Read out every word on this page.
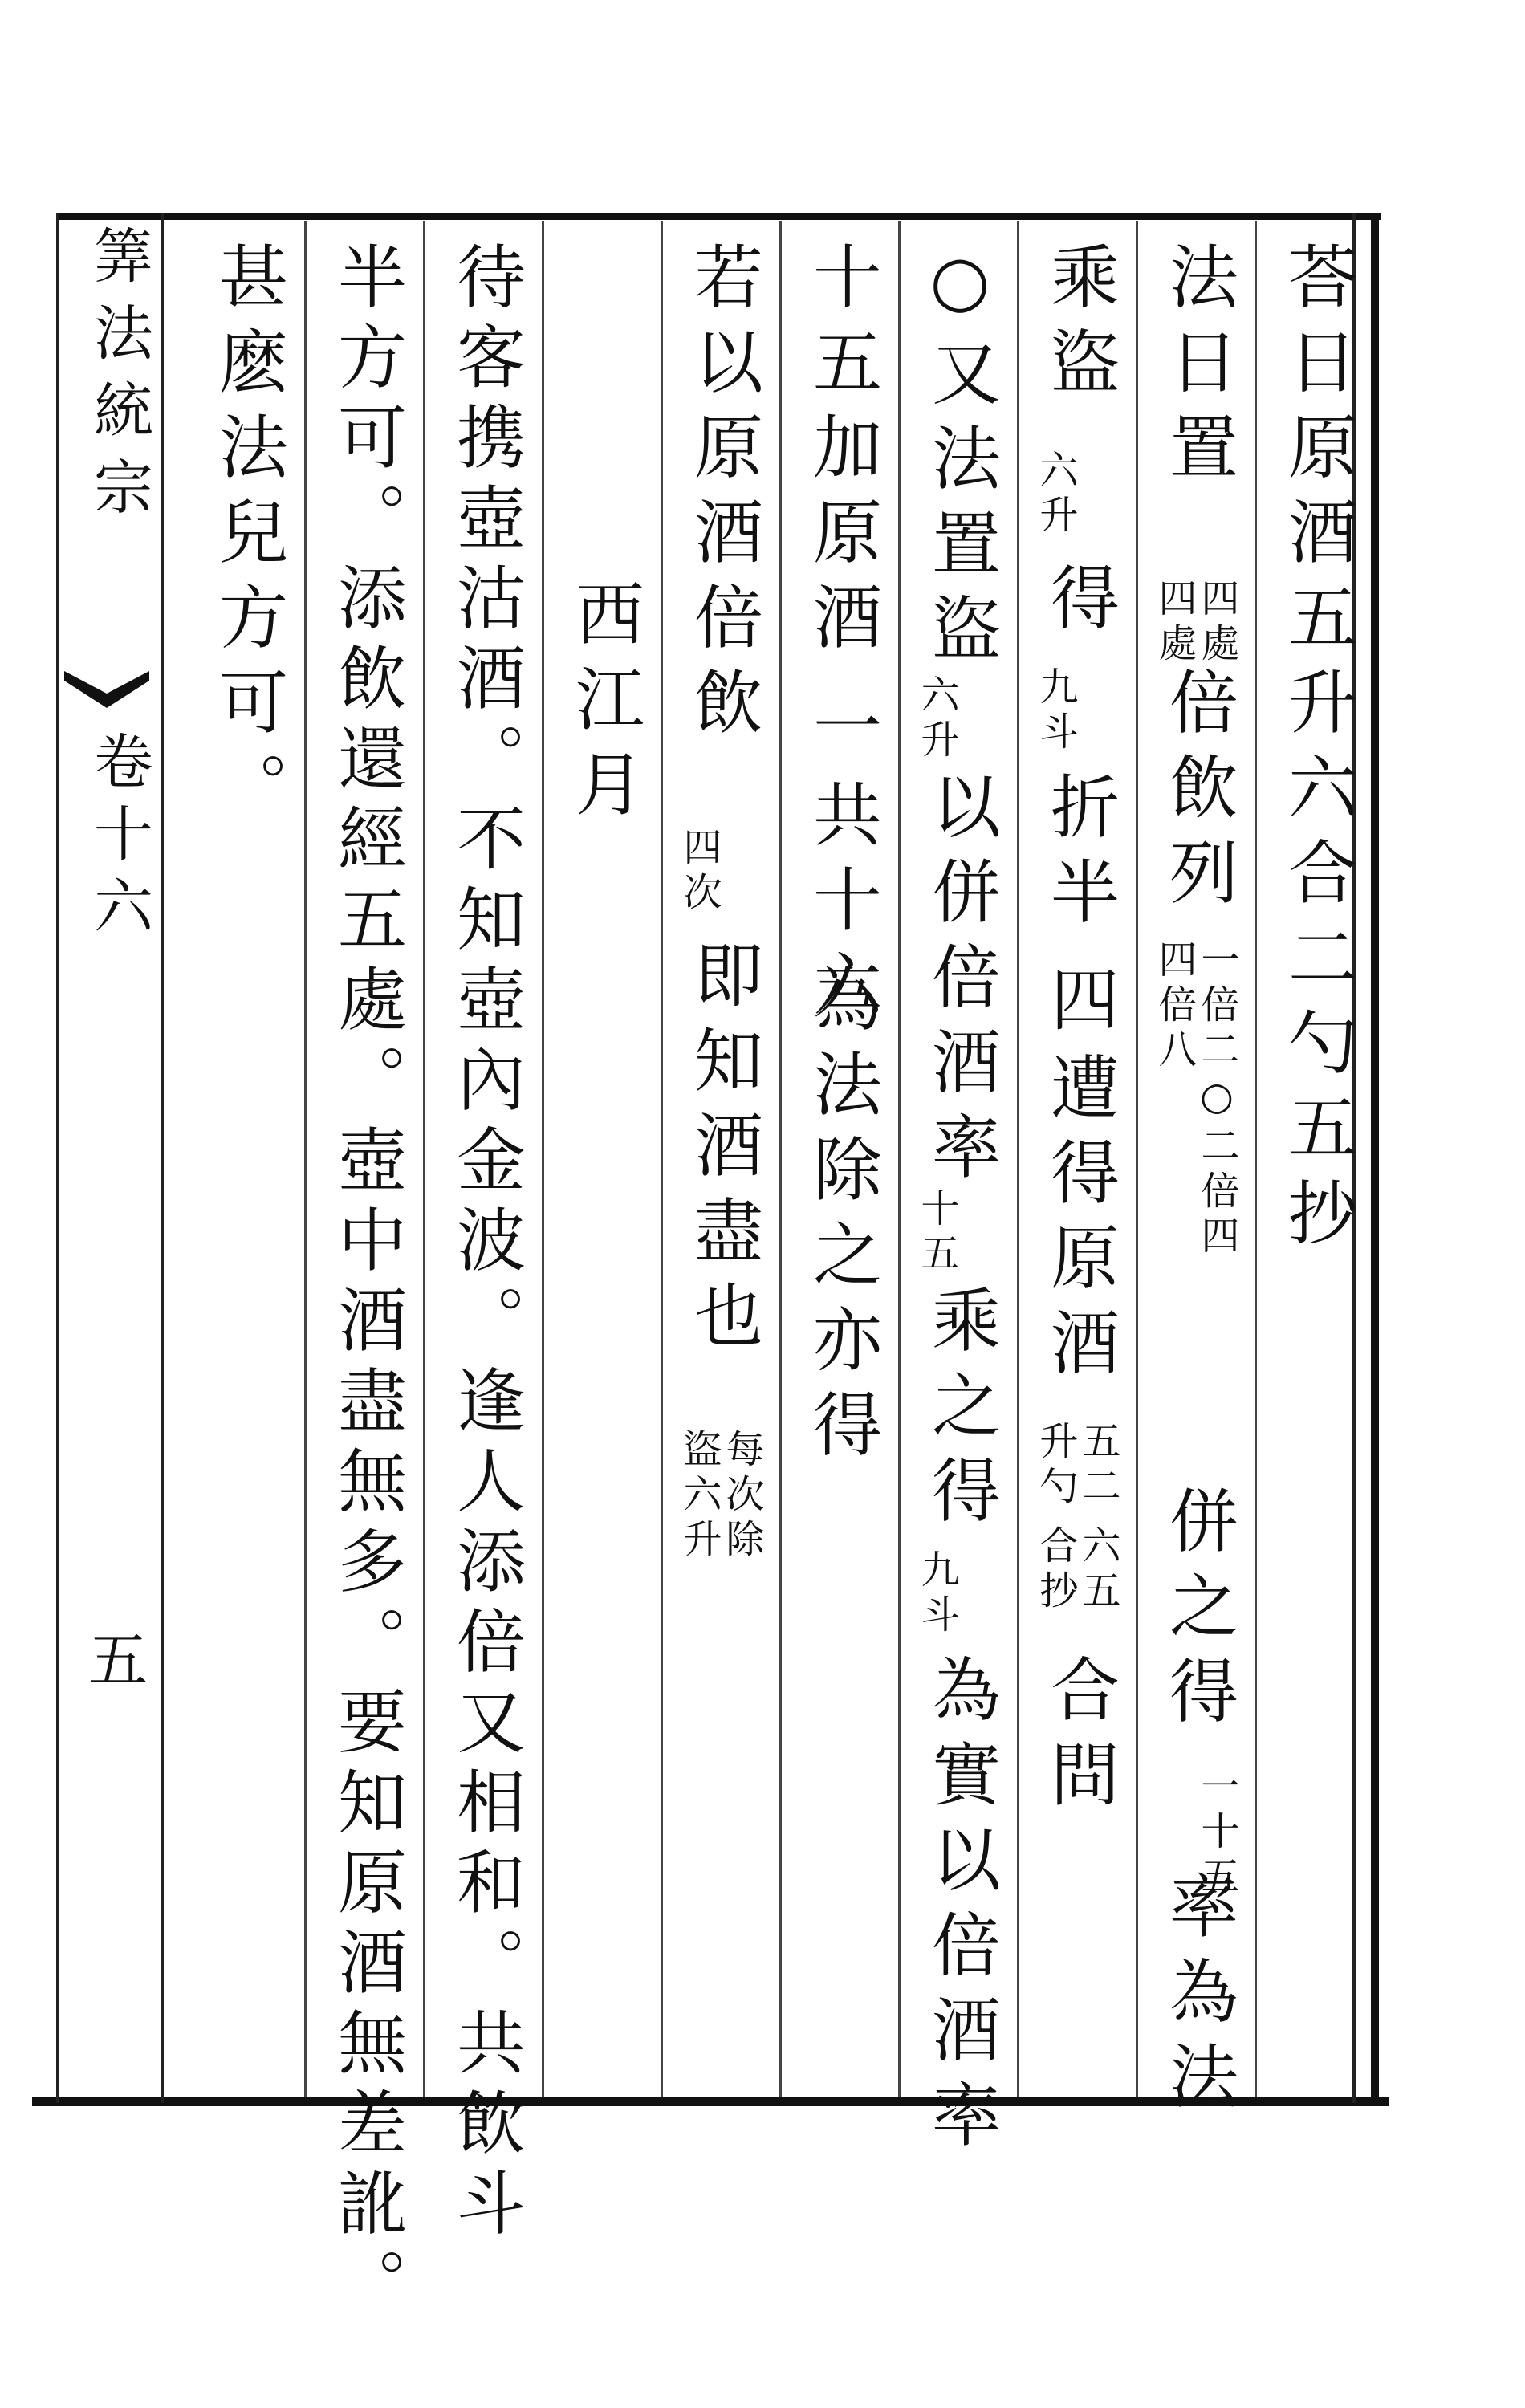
筭法統宗
卷十六
五
荅日原酒五升六合二勺五抄
法日置
四處
四處
倍飲列
一倍二○二倍四
四倍八
併之得
一十五
率為法
乘盜
六升
得
九斗
折半
四
遭得原酒
五二
升勺
六五
合抄
合問
○又法置盜
六升
以併倍酒率
十五
乘之得
九斗
為實以倍酒率
十五加原酒
一
共十六
為法除之亦得
若以原酒倍飲
四次
即知酒盡也
每次除
盜六升
西江月
待客携壺沽酒。不知壺內金波。逢人添倍又相和。共飲斗
半方可。添飲還經五處。壺中酒盡無多。要知原酒無差訛。
甚麽法兒方可。
